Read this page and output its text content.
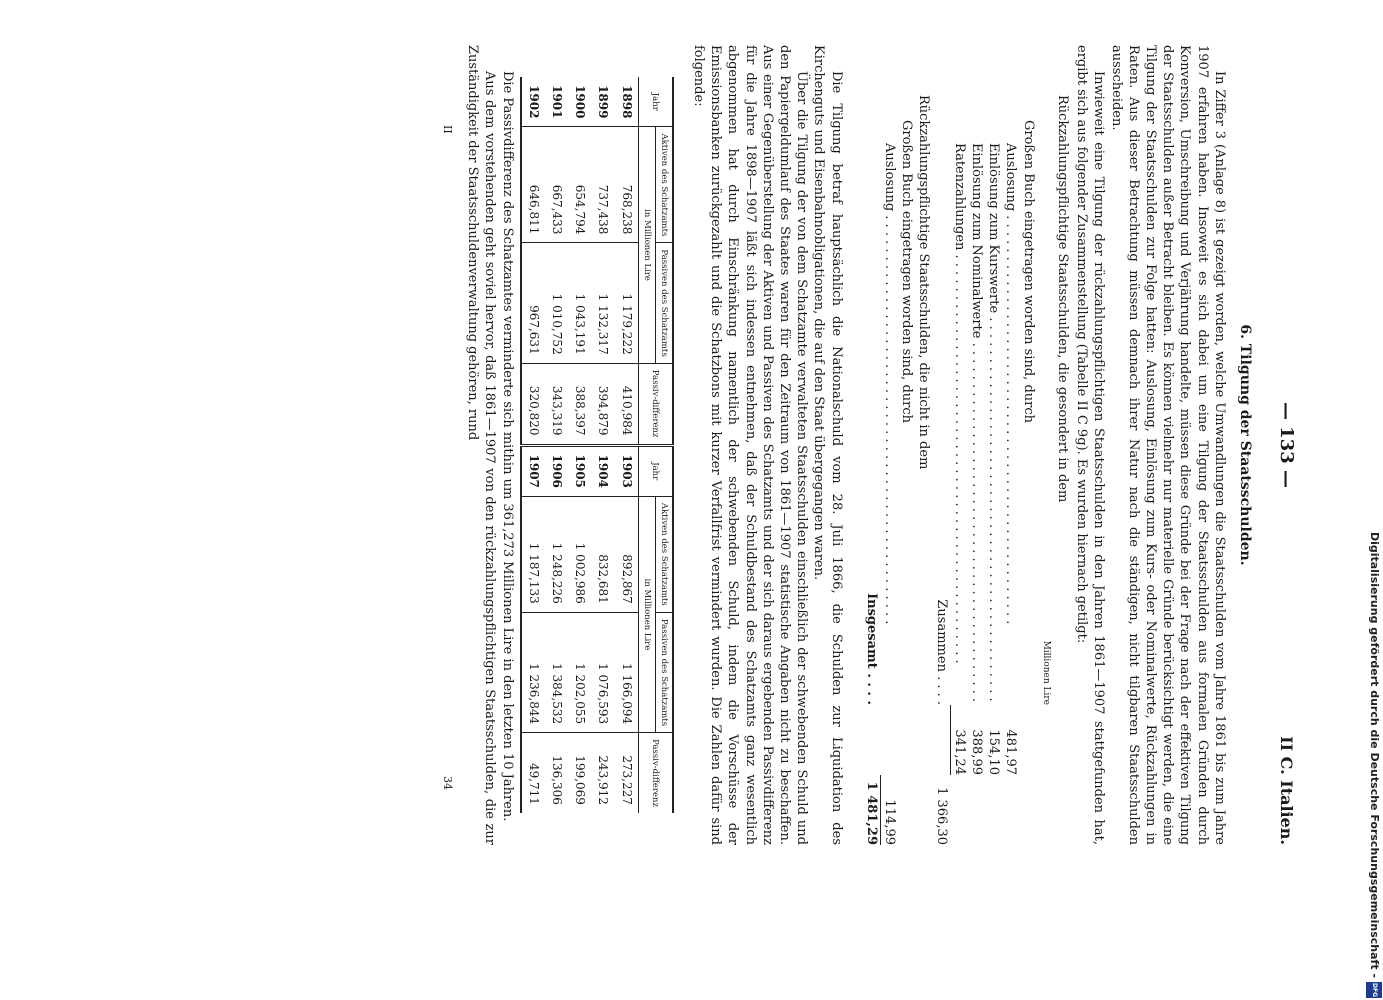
Digitalisierung gefördert durch die Deutsche Forschungsgemeinschaft -
DFG
— 133 —
II C. Italien.
6. Tilgung der Staatsschulden.

In Ziffer 3 (Anlage 8) ist gezeigt worden, welche Umwandlungen die Staatsschulden vom Jahre 1861 bis zum Jahre 1907 erfahren haben. Insoweit es sich dabei um eine Tilgung der Staatsschulden aus formalen Gründen durch Konversion, Umschreibung und Verjährung handelte, müssen diese Gründe bei der Frage nach der effektiven Tilgung der Staatsschulden außer Betracht bleiben. Es können vielmehr nur materielle Gründe berücksichtigt werden, die eine Tilgung der Staatsschulden zur Folge hatten: Auslosung, Einlösung zum Kurs- oder Nominalwerte, Rückzahlungen in Raten. Aus dieser Betrachtung müssen demnach ihrer Natur nach die ständigen, nicht tilgbaren Staatsschulden ausscheiden.

Inwieweit eine Tilgung der rückzahlungspflichtigen Staatsschulden in den Jahren 1861—1907 stattgefunden hat, ergibt sich aus folgender Zusammenstellung (Tabelle II C 9g). Es wurden hiernach getilgt:

Rückzahlungspflichtige Staatsschulden, die gesondert in dem
Millionen Lire
Großen Buch eingetragen worden sind, durch
Auslosung . . .
481,97
Einlösung zum Kurswerte . . .
154,10
Einlösung zum Nominalwerte . . .
388,99
Ratenzahlungen . . .
341,24
Zusammen . . . .
1 366,30
Rückzahlungspflichtige Staatsschulden, die nicht in dem
Großen Buch eingetragen worden sind, durch
Auslosung . . .
114,99
Insgesamt . . . .
1 481,29

Die Tilgung betraf hauptsächlich die Nationalschuld vom 28. Juli 1866, die Schulden zur Liquidation des Kirchenguts und Eisenbahnobligationen, die auf den Staat übergegangen waren.

Über die Tilgung der von dem Schatzamte verwalteten Staatsschulden einschließlich der schwebenden Schuld und den Papiergeldumlauf des Staates waren für den Zeitraum von 1861—1907 statistische Angaben nicht zu beschaffen. Aus einer Gegenüberstellung der Aktiven und Passiven des Schatzamts und der sich daraus ergebenden Passivdifferenz für die Jahre 1898—1907 läßt sich indessen entnehmen, daß der Schuldbestand des Schatzamts ganz wesentlich abgenommen hat durch Einschränkung namentlich der schwebenden Schuld, indem die Vorschüsse der Emissionsbanken zurückgezahlt und die Schatzbons mit kurzer Verfallfrist vermindert wurden. Die Zahlen dafür sind folgende:

Jahr	Aktiven des Schatzamts	Passiven des Schatzamts	Passiv-differenz	Jahr	Aktiven des Schatzamts	Passiven des Schatzamts	Passiv-differenz
	in Millionen Lire				in Millionen Lire		
1898	768,238	1 179,222	410,984	1903	892,867	1 166,094	273,227
1899	737,438	1 132,317	394,879	1904	832,681	1 076,593	243,912
1900	654,794	1 043,191	388,397	1905	1 002,986	1 202,055	199,069
1901	667,433	1 010,752	343,319	1906	1 248,226	1 384,532	136,306
1902	646,811	967,631	320,820	1907	1 187,133	1 236,844	49,711

Die Passivdifferenz des Schatzamtes verminderte sich mithin um 361,273 Millionen Lire in den letzten 10 Jahren.

Aus dem vorstehenden geht soviel hervor, daß 1861—1907 von den rückzahlungspflichtigen Staatsschulden, die zur Zuständigkeit der Staatsschuldenverwaltung gehören, rund

II
34
